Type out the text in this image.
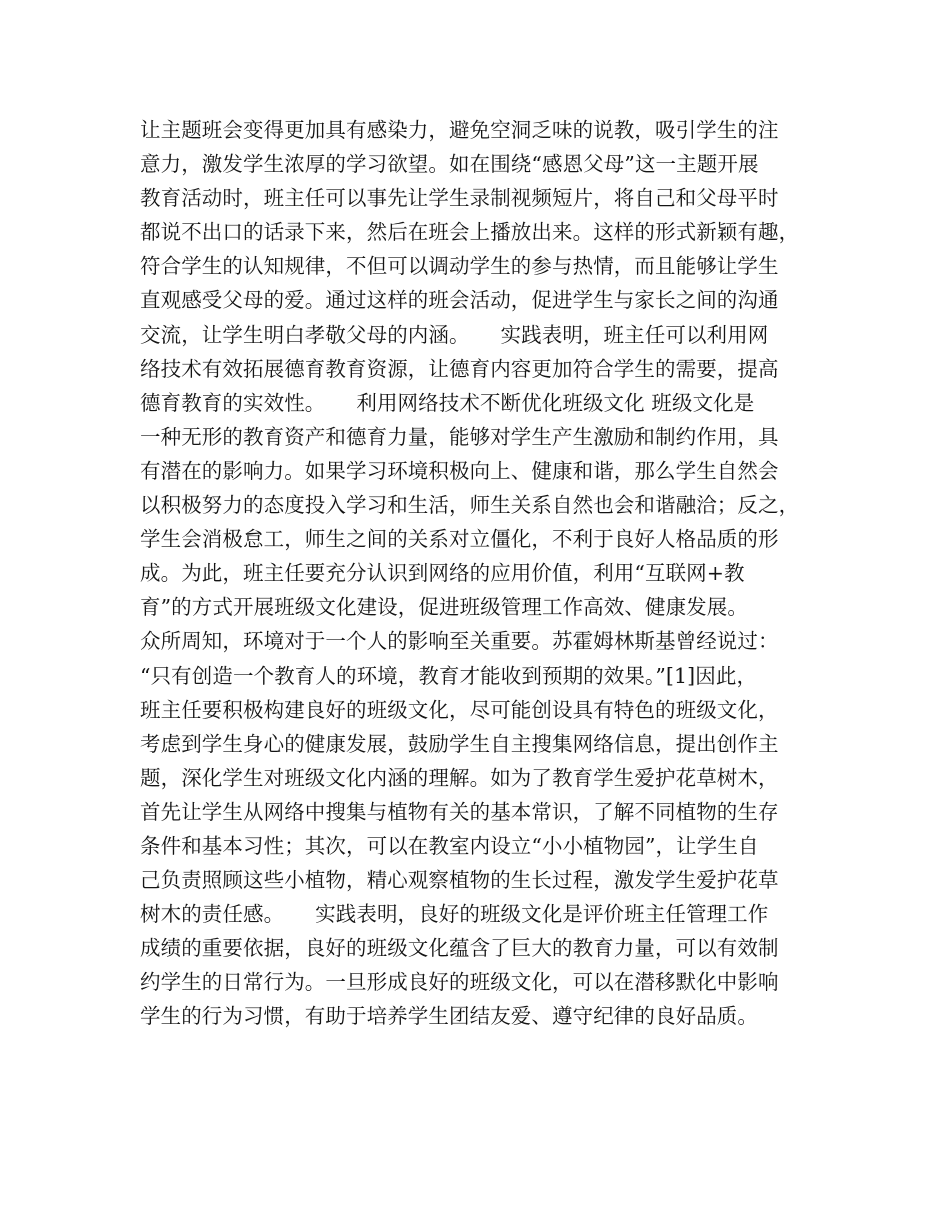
让主题班会变得更加具有感染力，避免空洞乏味的说教，吸引学生的注
意力，激发学生浓厚的学习欲望。如在围绕“感恩父母”这一主题开展
教育活动时，班主任可以事先让学生录制视频短片，将自己和父母平时
都说不出口的话录下来，然后在班会上播放出来。这样的形式新颖有趣，
符合学生的认知规律，不但可以调动学生的参与热情，而且能够让学生
直观感受父母的爱。通过这样的班会活动，促进学生与家长之间的沟通
交流，让学生明白孝敬父母的内涵。　　实践表明，班主任可以利用网
络技术有效拓展德育教育资源，让德育内容更加符合学生的需要，提高
德育教育的实效性。　　利用网络技术不断优化班级文化 班级文化是
一种无形的教育资产和德育力量，能够对学生产生激励和制约作用，具
有潜在的影响力。如果学习环境积极向上、健康和谐，那么学生自然会
以积极努力的态度投入学习和生活，师生关系自然也会和谐融洽；反之，
学生会消极怠工，师生之间的关系对立僵化，不利于良好人格品质的形
成。为此，班主任要充分认识到网络的应用价值，利用“互联网+教
育”的方式开展班级文化建设，促进班级管理工作高效、健康发展。
众所周知，环境对于一个人的影响至关重要。苏霍姆林斯基曾经说过：
“只有创造一个教育人的环境，教育才能收到预期的效果。”[1]因此，
班主任要积极构建良好的班级文化，尽可能创设具有特色的班级文化，
考虑到学生身心的健康发展，鼓励学生自主搜集网络信息，提出创作主
题，深化学生对班级文化内涵的理解。如为了教育学生爱护花草树木，
首先让学生从网络中搜集与植物有关的基本常识，了解不同植物的生存
条件和基本习性；其次，可以在教室内设立“小小植物园”，让学生自
己负责照顾这些小植物，精心观察植物的生长过程，激发学生爱护花草
树木的责任感。　　实践表明，良好的班级文化是评价班主任管理工作
成绩的重要依据，良好的班级文化蕴含了巨大的教育力量，可以有效制
约学生的日常行为。一旦形成良好的班级文化，可以在潜移默化中影响
学生的行为习惯，有助于培养学生团结友爱、遵守纪律的良好品质。
